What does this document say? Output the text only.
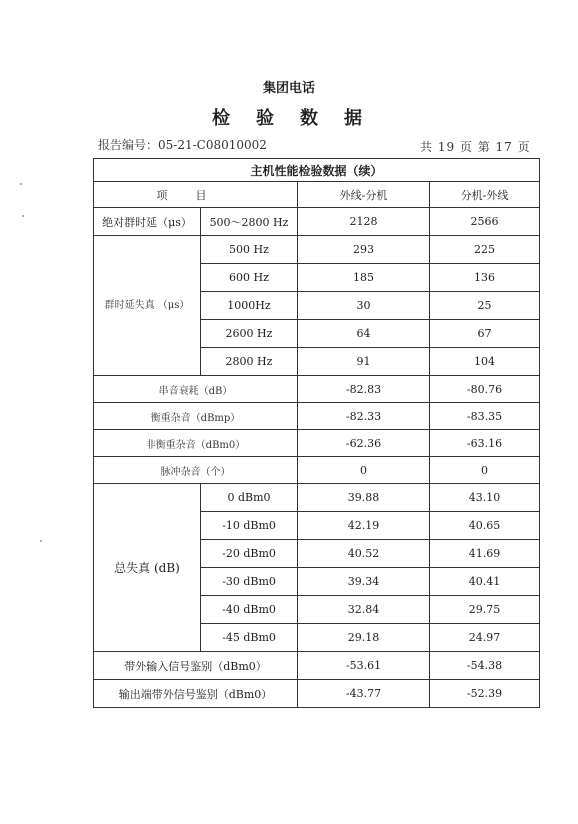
集团电话
检验数据
报告编号：05-21-C08010002	共 19 页 第 17 页
主机性能检验数据（续）			
项目		外线-分机	分机-外线
绝对群时延（μs）	500～2800 Hz	2128	2566
群时延失真 （μs）	500 Hz	293	225
	600 Hz	185	136
	1000Hz	30	25
	2600 Hz	64	67
	2800 Hz	91	104
串音衰耗（dB）		-82.83	-80.76
衡重杂音（dBmp）		-82.33	-83.35
非衡重杂音（dBm0）		-62.36	-63.16
脉冲杂音（个）		0	0
总失真 (dB)	0 dBm0	39.88	43.10
	-10 dBm0	42.19	40.65
	-20 dBm0	40.52	41.69
	-30 dBm0	39.34	40.41
	-40 dBm0	32.84	29.75
	-45 dBm0	29.18	24.97
带外输入信号鉴别（dBm0）		-53.61	-54.38
输出端带外信号鉴别（dBm0）		-43.77	-52.39
